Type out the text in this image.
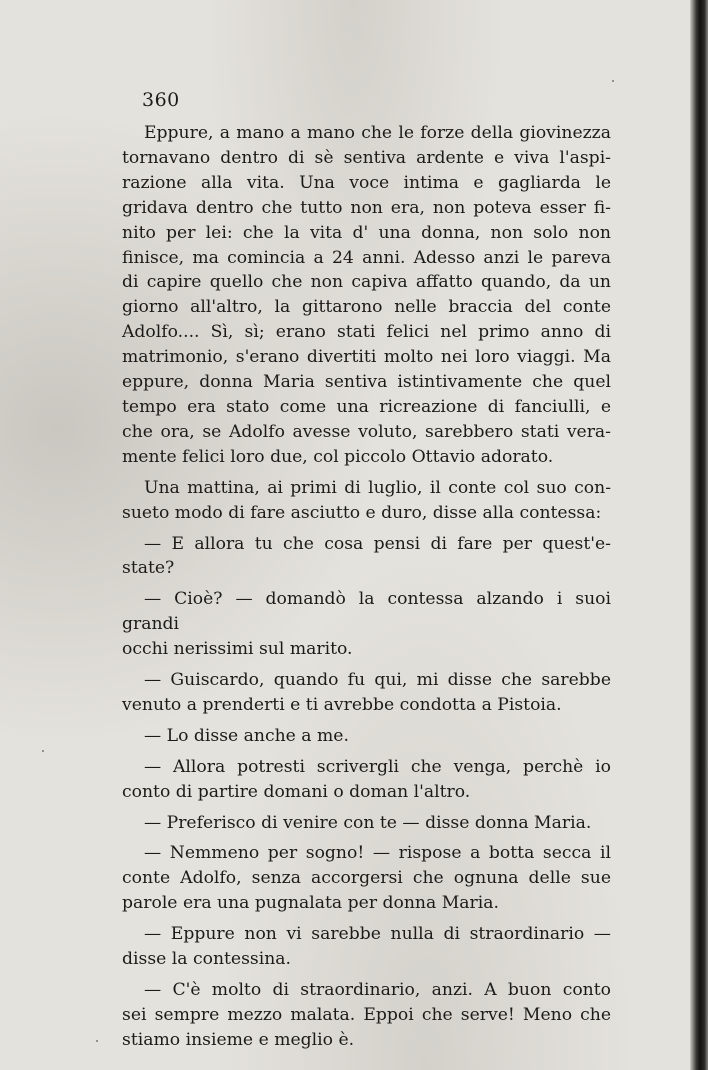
360

Eppure, a mano a mano che le forze della giovinezza
tornavano dentro di sè sentiva ardente e viva l'aspi-
razione alla vita. Una voce intima e gagliarda le
gridava dentro che tutto non era, non poteva esser fi-
nito per lei: che la vita d' una donna, non solo non
finisce, ma comincia a 24 anni. Adesso anzi le pareva
di capire quello che non capiva affatto quando, da un
giorno all'altro, la gittarono nelle braccia del conte
Adolfo.... Sì, sì; erano stati felici nel primo anno di
matrimonio, s'erano divertiti molto nei loro viaggi. Ma
eppure, donna Maria sentiva istintivamente che quel
tempo era stato come una ricreazione di fanciulli, e
che ora, se Adolfo avesse voluto, sarebbero stati vera-
mente felici loro due, col piccolo Ottavio adorato.

Una mattina, ai primi di luglio, il conte col suo con-
sueto modo di fare asciutto e duro, disse alla contessa:

— E allora tu che cosa pensi di fare per quest'e-
state?

— Cioè? — domandò la contessa alzando i suoi grandi
occhi nerissimi sul marito.

— Guiscardo, quando fu qui, mi disse che sarebbe
venuto a prenderti e ti avrebbe condotta a Pistoia.

— Lo disse anche a me.

— Allora potresti scrivergli che venga, perchè io
conto di partire domani o doman l'altro.

— Preferisco di venire con te — disse donna Maria.

— Nemmeno per sogno! — rispose a botta secca il
conte Adolfo, senza accorgersi che ognuna delle sue
parole era una pugnalata per donna Maria.

— Eppure non vi sarebbe nulla di straordinario —
disse la contessina.

— C'è molto di straordinario, anzi. A buon conto
sei sempre mezzo malata. Eppoi che serve! Meno che
stiamo insieme e meglio è.
